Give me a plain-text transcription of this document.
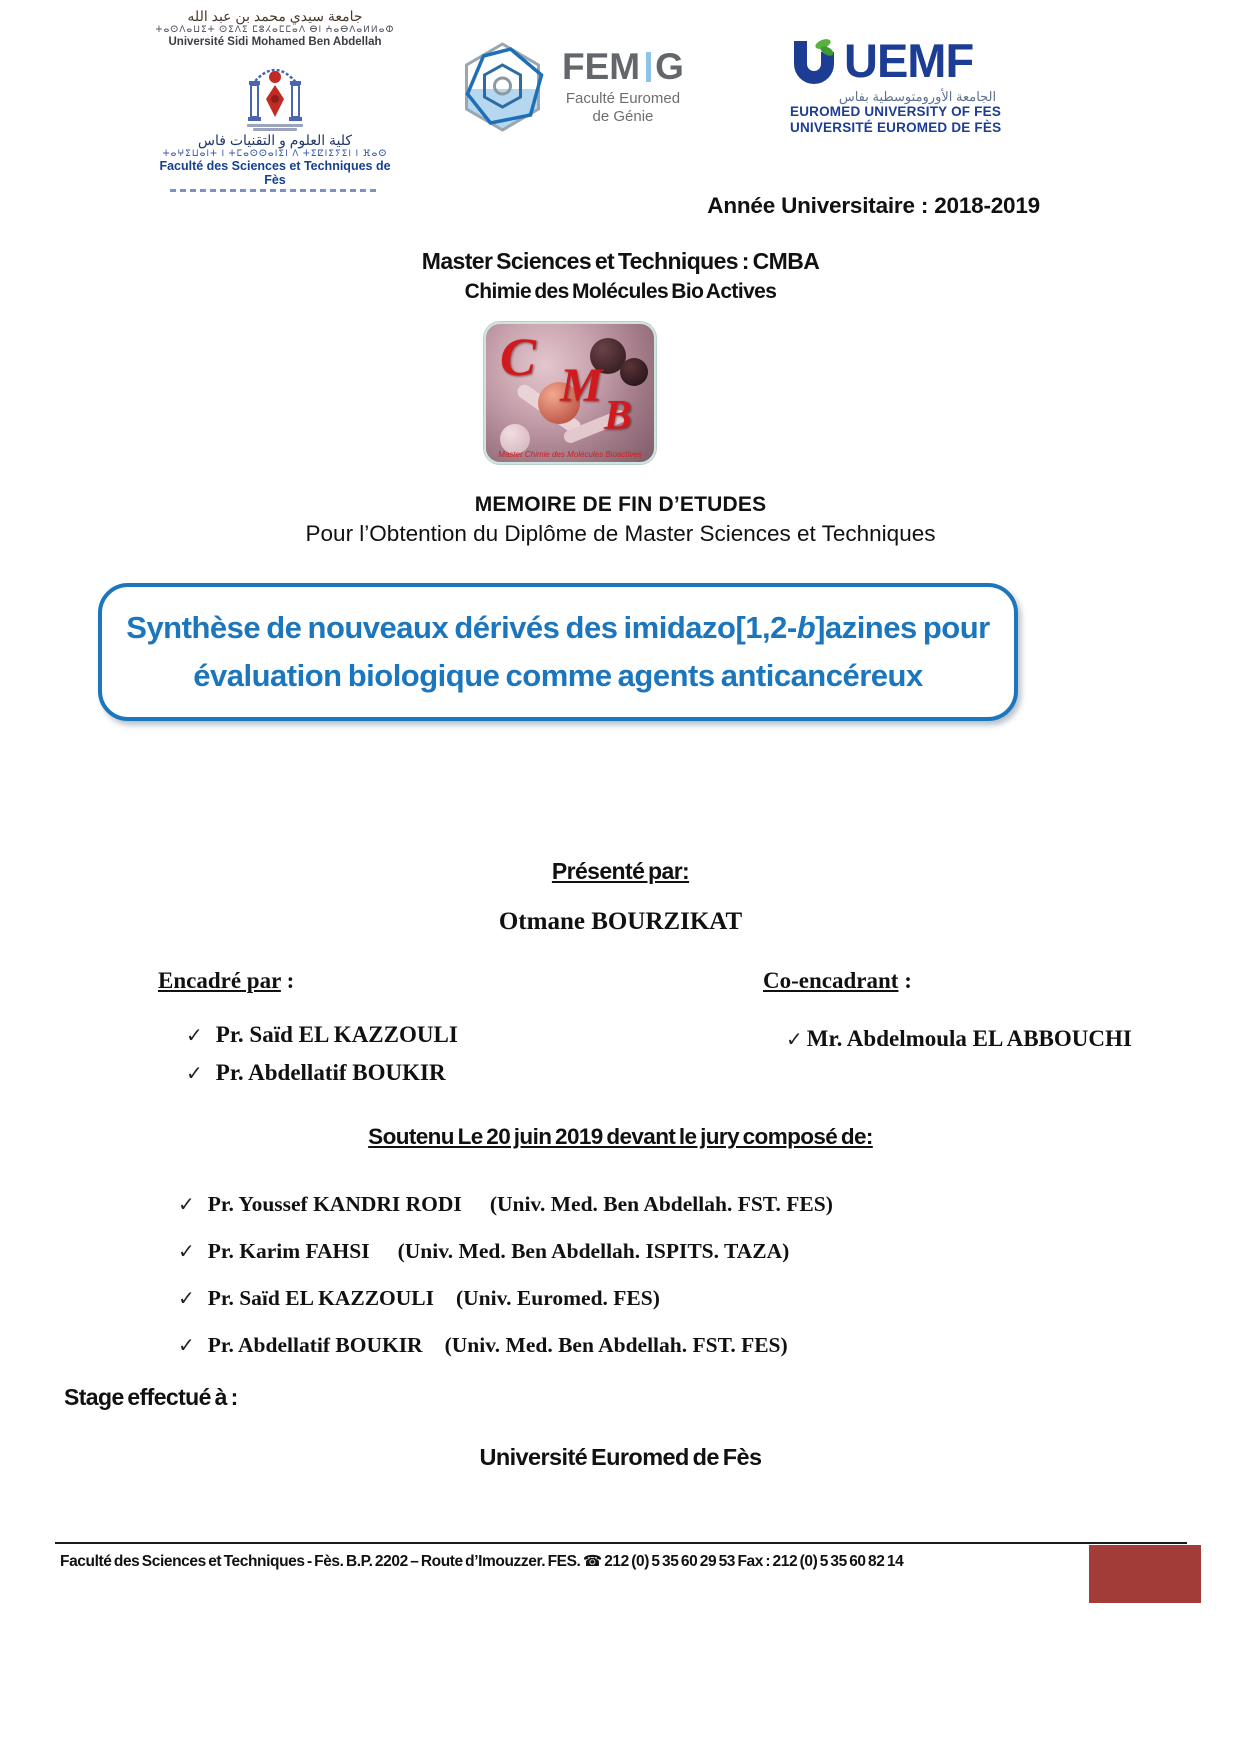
جامعة سيدي محمد بن عبد الله
ⵜⴰⵙⴷⴰⵡⵉⵜ ⵙⵉⴷⵉ ⵎⵓⵃⴰⵎⵎⴰⴷ ⴱⵏ ⵄⴰⴱⴷⴰⵍⵍⴰⵀ
Université Sidi Mohamed Ben Abdellah
كلية العلوم و التقنيات فاس
ⵜⴰⵖⵉⵡⴰⵏⵜ ⵏ ⵜⵎⴰⵙⵙⴰⵏⵉⵏ ⴷ ⵜⵉⵇⵏⵉⵢⵉⵏ ⵏ ⴼⴰⵙ
Faculté des Sciences et Techniques de Fès
FEM G
Faculté Euromed
de Génie
UEMF
الجامعة الأورومتوسطية بفاس
EUROMED UNIVERSITY OF FES
UNIVERSITÉ EUROMED DE FÈS
Année Universitaire : 2018-2019
Master Sciences et Techniques : CMBA
Chimie des Molécules Bio Actives
C M
B
Master Chimie des Molécules Bioactives
MEMOIRE DE FIN D’ETUDES
Pour l’Obtention du Diplôme de Master Sciences et Techniques
Synthèse de nouveaux dérivés des imidazo[1,2-b]azines pour
évaluation biologique comme agents anticancéreux
Présenté par:
Otmane BOURZIKAT
Encadré par :	Co-encadrant :
✓ Pr. Saïd EL KAZZOULI
✓ Pr. Abdellatif BOUKIR
✓ Mr. Abdelmoula EL ABBOUCHI
Soutenu Le 20 juin 2019 devant le jury composé de:
✓ Pr. Youssef KANDRI RODI (Univ. Med. Ben Abdellah. FST. FES)
✓ Pr. Karim FAHSI (Univ. Med. Ben Abdellah. ISPITS. TAZA)
✓ Pr. Saïd EL KAZZOULI (Univ. Euromed. FES)
✓ Pr. Abdellatif BOUKIR (Univ. Med. Ben Abdellah. FST. FES)
Stage effectué à :
Université Euromed de Fès
Faculté des Sciences et Techniques - Fès. B.P. 2202 – Route d’Imouzzer. FES. ☎ 212 (0) 5 35 60 29 53 Fax : 212 (0) 5 35 60 82 14
